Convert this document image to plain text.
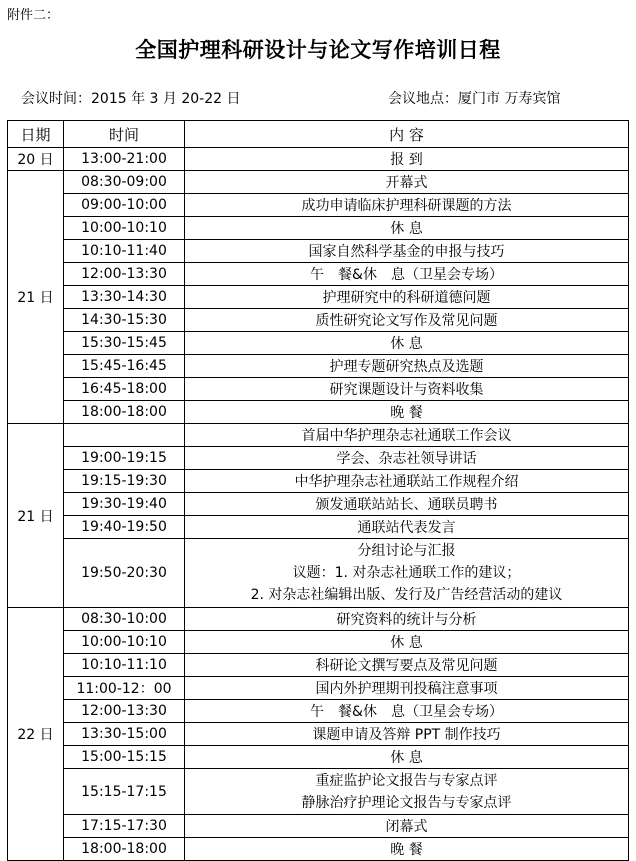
附件二：
全国护理科研设计与论文写作培训日程
会议时间：2015 年 3 月 20-22 日	会议地点：厦门市 万寿宾馆
日期	时间	内 容
20 日	13:00-21:00	报 到
21 日	08:30-09:00	开幕式
	09:00-10:00	成功申请临床护理科研课题的方法
	10:00-10:10	休 息
	10:10-11:40	国家自然科学基金的申报与技巧
	12:00-13:30	午　餐&休　息（卫星会专场）
	13:30-14:30	护理研究中的科研道德问题
	14:30-15:30	质性研究论文写作及常见问题
	15:30-15:45	休 息
	15:45-16:45	护理专题研究热点及选题
	16:45-18:00	研究课题设计与资料收集
	18:00-18:00	晚 餐
21 日		首届中华护理杂志社通联工作会议
	19:00-19:15	学会、杂志社领导讲话
	19:15-19:30	中华护理杂志社通联站工作规程介绍
	19:30-19:40	颁发通联站站长、通联员聘书
	19:40-19:50	通联站代表发言
	19:50-20:30	分组讨论与汇报
议题：1. 对杂志社通联工作的建议；
2. 对杂志社编辑出版、发行及广告经营活动的建议

22 日	08:30-10:00	研究资料的统计与分析
	10:00-10:10	休 息
	10:10-11:10	科研论文撰写要点及常见问题
	11:00-12：00	国内外护理期刊投稿注意事项
	12:00-13:30	午　餐&休　息（卫星会专场）
	13:30-15:00	课题申请及答辩 PPT 制作技巧
	15:00-15:15	休 息
	15:15-17:15	重症监护论文报告与专家点评
静脉治疗护理论文报告与专家点评

	17:15-17:30	闭幕式
	18:00-18:00	晚 餐
